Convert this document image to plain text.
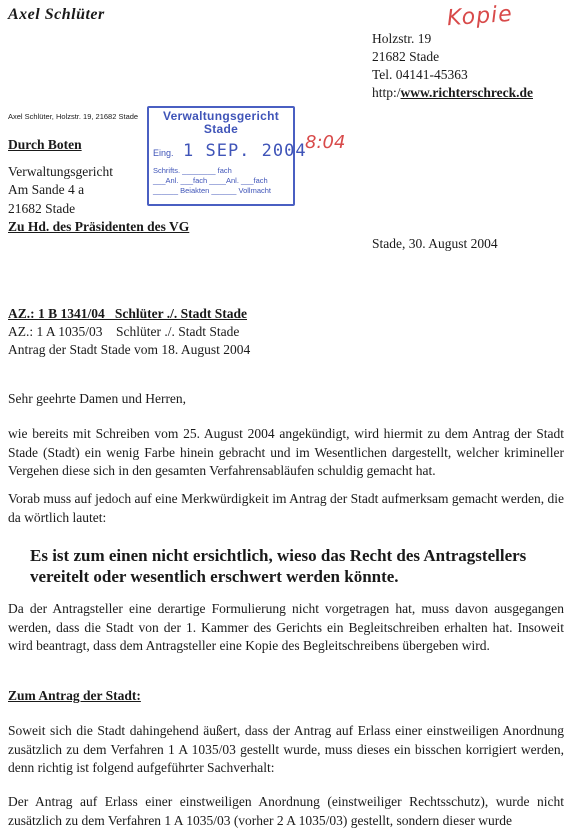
Axel Schlüter	Kopie
Holzstr. 19
21682 Stade
Tel. 04141-45363
http:/www.richterschreck.de
Axel Schlüter, Holzstr. 19, 21682 Stade	Verwaltungsgericht
Stade
Eing. 1 SEP. 2004
Schrifts. ________ fach
___Anl. ___fach ____Anl. ___fach
______ Beiakten ______ Vollmacht
8:04
Durch Boten
Verwaltungsgericht
Am Sande 4 a
21682 Stade
Zu Hd. des Präsidenten des VG
Stade, 30. August 2004
AZ.: 1 B 1341/04   Schlüter ./. Stadt Stade
AZ.: 1 A 1035/03    Schlüter ./. Stadt Stade
Antrag der Stadt Stade vom 18. August 2004
Sehr geehrte Damen und Herren,
wie bereits mit Schreiben vom 25. August 2004 angekündigt, wird hiermit zu dem Antrag der Stadt Stade (Stadt) ein wenig Farbe hinein gebracht und im Wesentlichen dargestellt, welcher krimineller Vergehen diese sich in den gesamten Verfahrensabläufen schuldig gemacht hat.
Vorab muss auf jedoch auf eine Merkwürdigkeit im Antrag der Stadt aufmerksam gemacht werden, die da wörtlich lautet:
Es ist zum einen nicht ersichtlich, wieso das Recht des Antragstellers vereitelt oder wesentlich erschwert werden könnte.
Da der Antragsteller eine derartige Formulierung nicht vorgetragen hat, muss davon ausgegangen werden, dass die Stadt von der 1. Kammer des Gerichts ein Begleitschreiben erhalten hat. Insoweit wird beantragt, dass dem Antragsteller eine Kopie des Begleitschreibens übergeben wird.
Zum Antrag der Stadt:
Soweit sich die Stadt dahingehend äußert, dass der Antrag auf Erlass einer einstweiligen Anordnung zusätzlich zu dem Verfahren 1 A 1035/03 gestellt wurde, muss dieses ein bisschen korrigiert werden, denn richtig ist folgend aufgeführter Sachverhalt:
Der Antrag auf Erlass einer einstweiligen Anordnung (einstweiliger Rechtsschutz), wurde nicht zusätzlich zu dem Verfahren 1 A 1035/03 (vorher 2 A 1035/03) gestellt, sondern dieser wurde
